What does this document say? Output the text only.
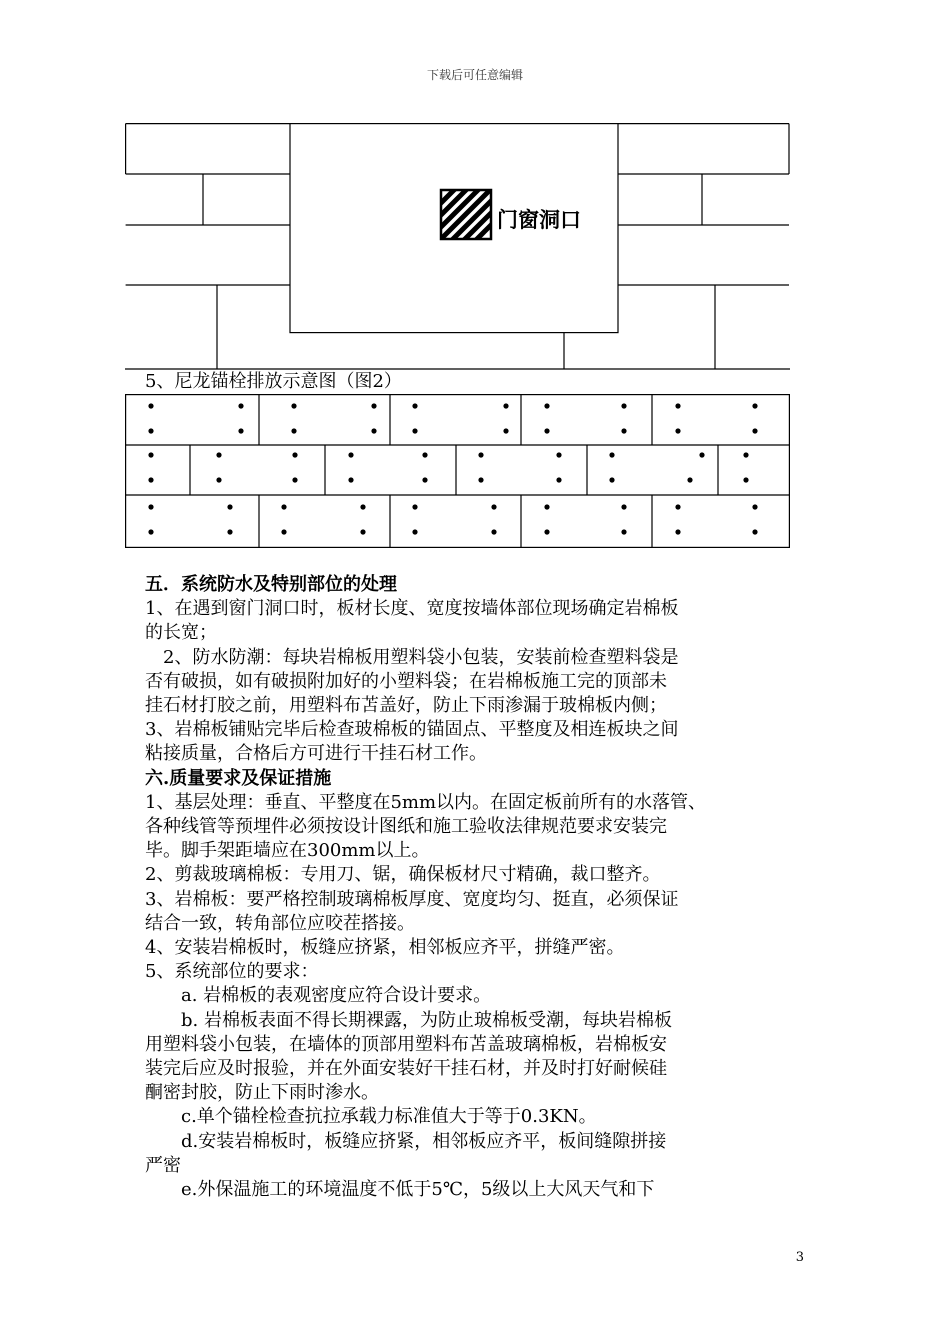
下载后可任意编辑
门窗洞口
5、尼龙锚栓排放示意图（图2）

五．系统防水及特别部位的处理

1、在遇到窗门洞口时，板材长度、宽度按墙体部位现场确定岩棉板

的长宽；

　2、防水防潮：每块岩棉板用塑料袋小包装，安装前检查塑料袋是

否有破损，如有破损附加好的小塑料袋；在岩棉板施工完的顶部未

挂石材打胶之前，用塑料布苫盖好，防止下雨渗漏于玻棉板内侧；

3、岩棉板铺贴完毕后检查玻棉板的锚固点、平整度及相连板块之间

粘接质量，合格后方可进行干挂石材工作。

六.质量要求及保证措施

1、基层处理：垂直、平整度在5mm以内。在固定板前所有的水落管、

各种线管等预埋件必须按设计图纸和施工验收法律规范要求安装完

毕。脚手架距墙应在300mm以上。

2、剪裁玻璃棉板：专用刀、锯，确保板材尺寸精确，裁口整齐。

3、岩棉板：要严格控制玻璃棉板厚度、宽度均匀、挺直，必须保证

结合一致，转角部位应咬茬搭接。

4、安装岩棉板时，板缝应挤紧，相邻板应齐平，拼缝严密。

5、系统部位的要求：

　　a. 岩棉板的表观密度应符合设计要求。

　　b. 岩棉板表面不得长期裸露，为防止玻棉板受潮，每块岩棉板

用塑料袋小包装，在墙体的顶部用塑料布苫盖玻璃棉板，岩棉板安

装完后应及时报验，并在外面安装好干挂石材，并及时打好耐候硅

酮密封胶，防止下雨时渗水。

　　c.单个锚栓检查抗拉承载力标准值大于等于0.3KN。

　　d.安装岩棉板时，板缝应挤紧，相邻板应齐平，板间缝隙拼接

严密

　　e.外保温施工的环境温度不低于5℃，5级以上大风天气和下

3
